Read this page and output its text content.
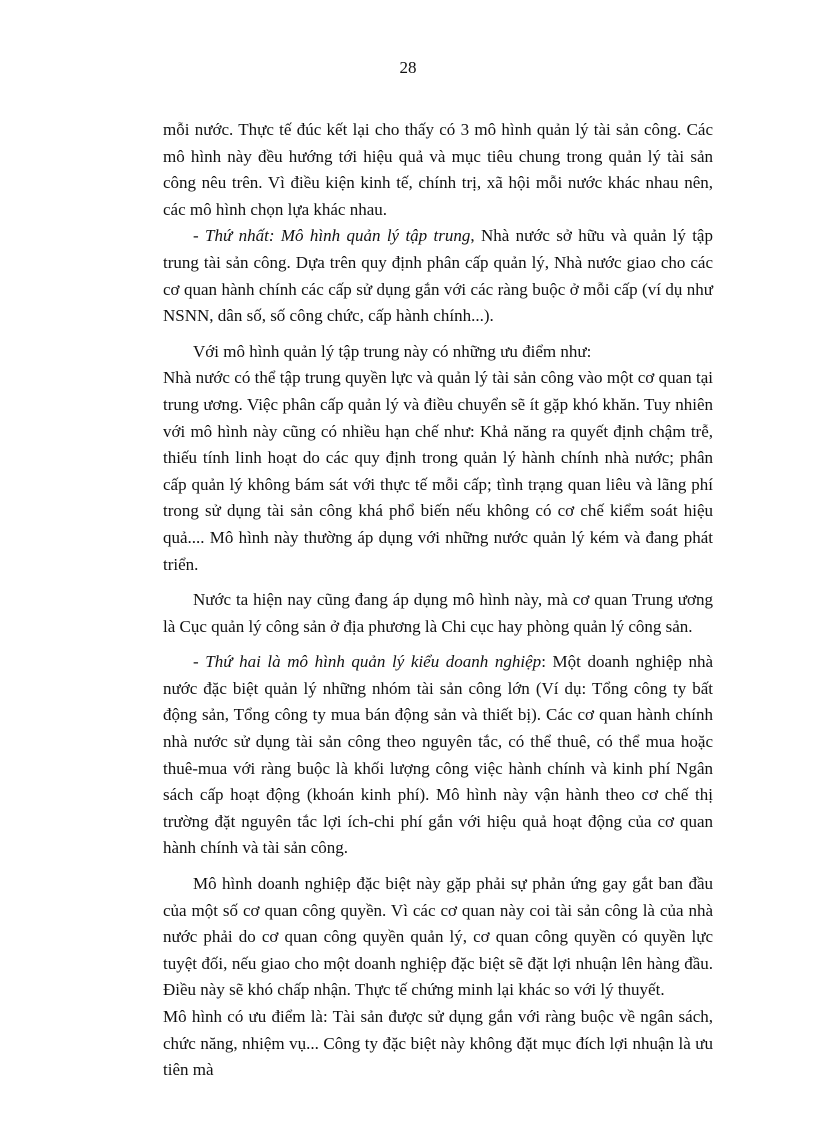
28

mỗi nước. Thực tế đúc kết lại cho thấy có 3 mô hình quản lý tài sản công. Các mô hình này đều hướng tới hiệu quả và mục tiêu chung trong quản lý tài sản công nêu trên. Vì điều kiện kinh tế, chính trị, xã hội mỗi nước khác nhau nên, các mô hình chọn lựa khác nhau.

- Thứ nhất: Mô hình quản lý tập trung, Nhà nước sở hữu và quản lý tập trung tài sản công. Dựa trên quy định phân cấp quản lý, Nhà nước giao cho các cơ quan hành chính các cấp sử dụng gắn với các ràng buộc ở mỗi cấp (ví dụ như NSNN, dân số, số công chức, cấp hành chính...).

Với mô hình quản lý tập trung này có những ưu điểm như:

Nhà nước có thể tập trung quyền lực và quản lý tài sản công vào một cơ quan tại trung ương. Việc phân cấp quản lý và điều chuyển sẽ ít gặp khó khăn. Tuy nhiên với mô hình này cũng có nhiều hạn chế như: Khả năng ra quyết định chậm trễ, thiếu tính linh hoạt do các quy định trong quản lý hành chính nhà nước; phân cấp quản lý không bám sát với thực tế mỗi cấp; tình trạng quan liêu và lãng phí trong sử dụng tài sản công khá phổ biến nếu không có cơ chế kiểm soát hiệu quả.... Mô hình này thường áp dụng với những nước quản lý kém và đang phát triển.

Nước ta hiện nay cũng đang áp dụng mô hình này, mà cơ quan Trung ương là Cục quản lý công sản ở địa phương là Chi cục hay phòng quản lý công sản.

- Thứ hai là mô hình quản lý kiểu doanh nghiệp: Một doanh nghiệp nhà nước đặc biệt quản lý những nhóm tài sản công lớn (Ví dụ: Tổng công ty bất động sản, Tổng công ty mua bán động sản và thiết bị). Các cơ quan hành chính nhà nước sử dụng tài sản công theo nguyên tắc, có thể thuê, có thể mua hoặc thuê-mua với ràng buộc là khối lượng công việc hành chính và kinh phí Ngân sách cấp hoạt động (khoán kinh phí). Mô hình này vận hành theo cơ chế thị trường đặt nguyên tắc lợi ích-chi phí gắn với hiệu quả hoạt động của cơ quan hành chính và tài sản công.

Mô hình doanh nghiệp đặc biệt này gặp phải sự phản ứng gay gắt ban đầu của một số cơ quan công quyền. Vì các cơ quan này coi tài sản công là của nhà nước phải do cơ quan công quyền quản lý, cơ quan công quyền có quyền lực tuyệt đối, nếu giao cho một doanh nghiệp đặc biệt sẽ đặt lợi nhuận lên hàng đầu. Điều này sẽ khó chấp nhận. Thực tế chứng minh lại khác so với lý thuyết.

Mô hình có ưu điểm là: Tài sản được sử dụng gắn với ràng buộc về ngân sách, chức năng, nhiệm vụ... Công ty đặc biệt này không đặt mục đích lợi nhuận là ưu tiên mà
